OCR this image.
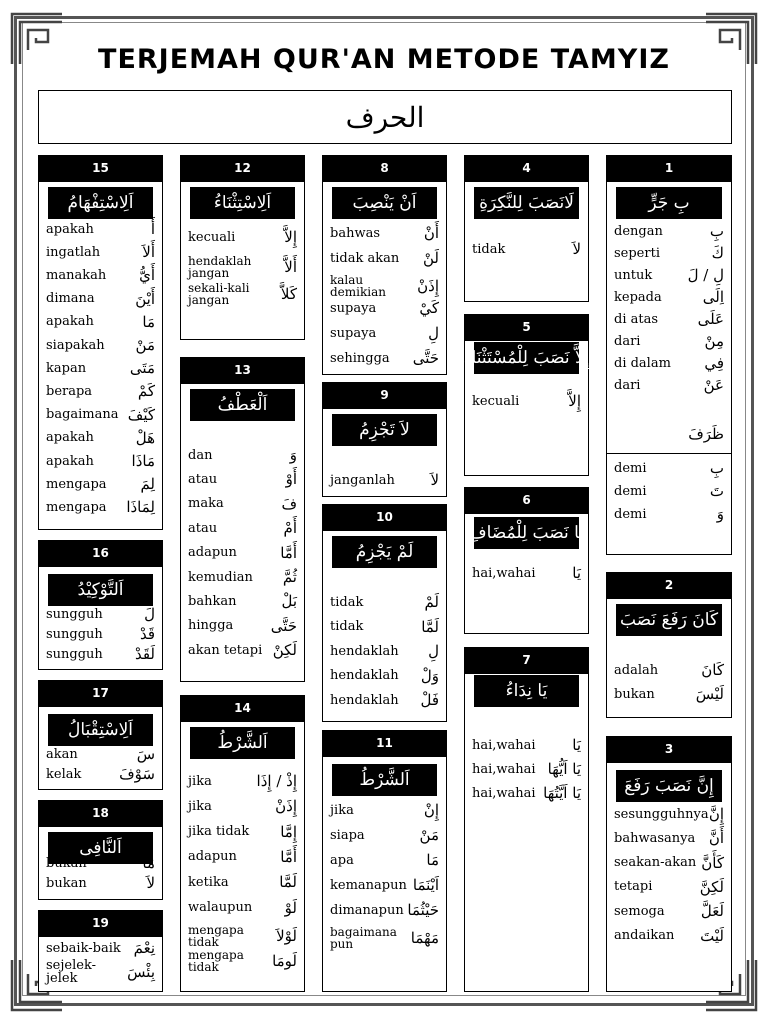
TERJEMAH QUR'AN METODE TAMYIZ
الحرف
15
اَلِاسْتِفْهَامُ
apakah	أَ
ingatlah	أَلاَ
manakah أَيُّ
dimana	أَيْنَ
apakah	مَا
siapakah مَنْ
kapan	مَتَى
berapa	كَمْ
bagaimana كَيْفَ
apakah	هَلْ
apakah	مَاذَا
mengapa لِمَ
mengapa لِمَاذَا
16
اَلتَّوْكِيْدُ
sungguh	لَ
sungguh قَدْ
sungguh لَقَدْ
17
اَلِاسْتِقْبَالُ
akan	سَ
kelak	سَوْفَ
18
اَلنَّافِى
bukan	مَا
bukan	لاَ
19
sebaik-baik نِعْمَ
sejelek-jelek	بِئْسَ
12
اَلِاسْتِثْنَاءُ
kecuali	إِلاَّ
hendaklah jangan	أَلاَّ
sekali-kali jangan	كَلاَّ
13
اَلْعَطْفُ
dan	وَ
atau	أَوْ
maka	فَ
atau	أَمْ
adapun	أَمَّا
kemudian ثُمَّ
bahkan	بَلْ
hingga حَتَّى
akan tetapi لَكِنْ
14
اَلشَّرْطُ
jika	إِذْ / إِذَا
jika	إِذَنْ
jika tidak إِمَّا
adapun	أَمَّا
ketika	لَمَّا
walaupun لَوْ
mengapa tidak	لَوْلاَ
mengapa tidak	لَومَا
8
اَنْ يَنْصِبَ
bahwas	أَنْ
tidak akan لَنْ
kalau demikian	إِذَنْ
supaya	كَيْ
supaya	لِ
sehingga حَتَّى
9
لاَ تَجْزِمُ
janganlah لاَ
10
لَمْ يَجْزِمُ
tidak	لَمْ
tidak	لَمَّا
hendaklah لِ
hendaklah وَلْ
hendaklah فَلْ
11
اَلشَّرْطُ
jika	إِنْ
siapa	مَنْ
apa	مَا
kemanapun اَيْنَمَا
dimanapun حَيْثُمَا
bagaimana pun	مَهْمَا
4
لَانَصَبَ لِلنَّكِرَةِ
tidak	لاَ
5
إِلاَّ نَصَبَ لِلْمُسْتَثْنَاءِ
kecuali	إِلاَّ
6
يَا نَصَبَ لِلْمُضَافِ
hai,wahai يَا
7
يَا نِدَاءُ
hai,wahai يَا
hai,wahai يَا اَيُّهَا
hai,wahai يَا اَيَّتُهَا
1
بِ جَرٍّ
dengan	بِ
seperti	كَ
untuk لِ / لَ
kepada	اِلَى
di atas	عَلَى
dari	مِنْ
di dalam فِي
dari	عَنْ
ظَرَفَ
demi	بِ
demi	تَ
demi	وَ
2
كَانَ رَفَعَ نَصَبَ
adalah	كَانَ
bukan	لَيْسَ
3
إِنَّ نَصَبَ رَفَعَ
sesungguhnya إِنَّ
bahwasanya أَنَّ
seakan-akan كَأَنَّ
tetapi	لَكِنَّ
semoga لَعَلَّ
andaikan لَيْتَ
